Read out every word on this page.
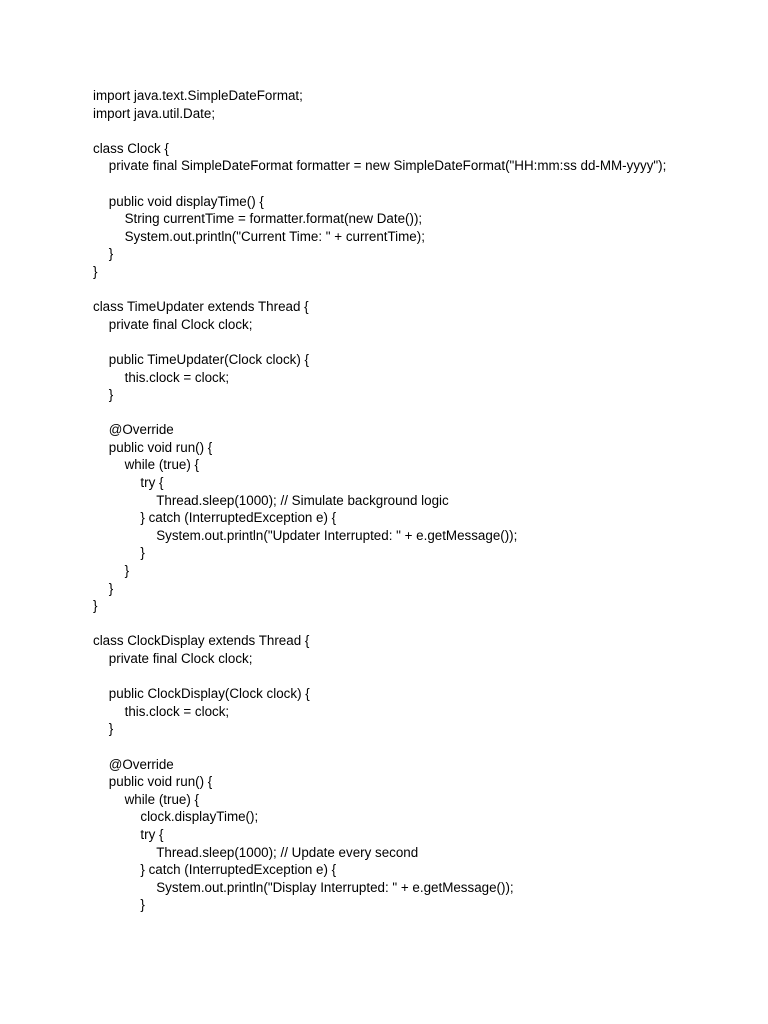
import java.text.SimpleDateFormat;
import java.util.Date;
class Clock {
private final SimpleDateFormat formatter = new SimpleDateFormat("HH:mm:ss dd-MM-yyyy");
public void displayTime() {
String currentTime = formatter.format(new Date());
System.out.println("Current Time: " + currentTime);
}
}
class TimeUpdater extends Thread {
private final Clock clock;
public TimeUpdater(Clock clock) {
this.clock = clock;
}
@Override
public void run() {
while (true) {
try {
Thread.sleep(1000); // Simulate background logic
} catch (InterruptedException e) {
System.out.println("Updater Interrupted: " + e.getMessage());
}
}
}
}
class ClockDisplay extends Thread {
private final Clock clock;
public ClockDisplay(Clock clock) {
this.clock = clock;
}
@Override
public void run() {
while (true) {
clock.displayTime();
try {
Thread.sleep(1000); // Update every second
} catch (InterruptedException e) {
System.out.println("Display Interrupted: " + e.getMessage());
}
